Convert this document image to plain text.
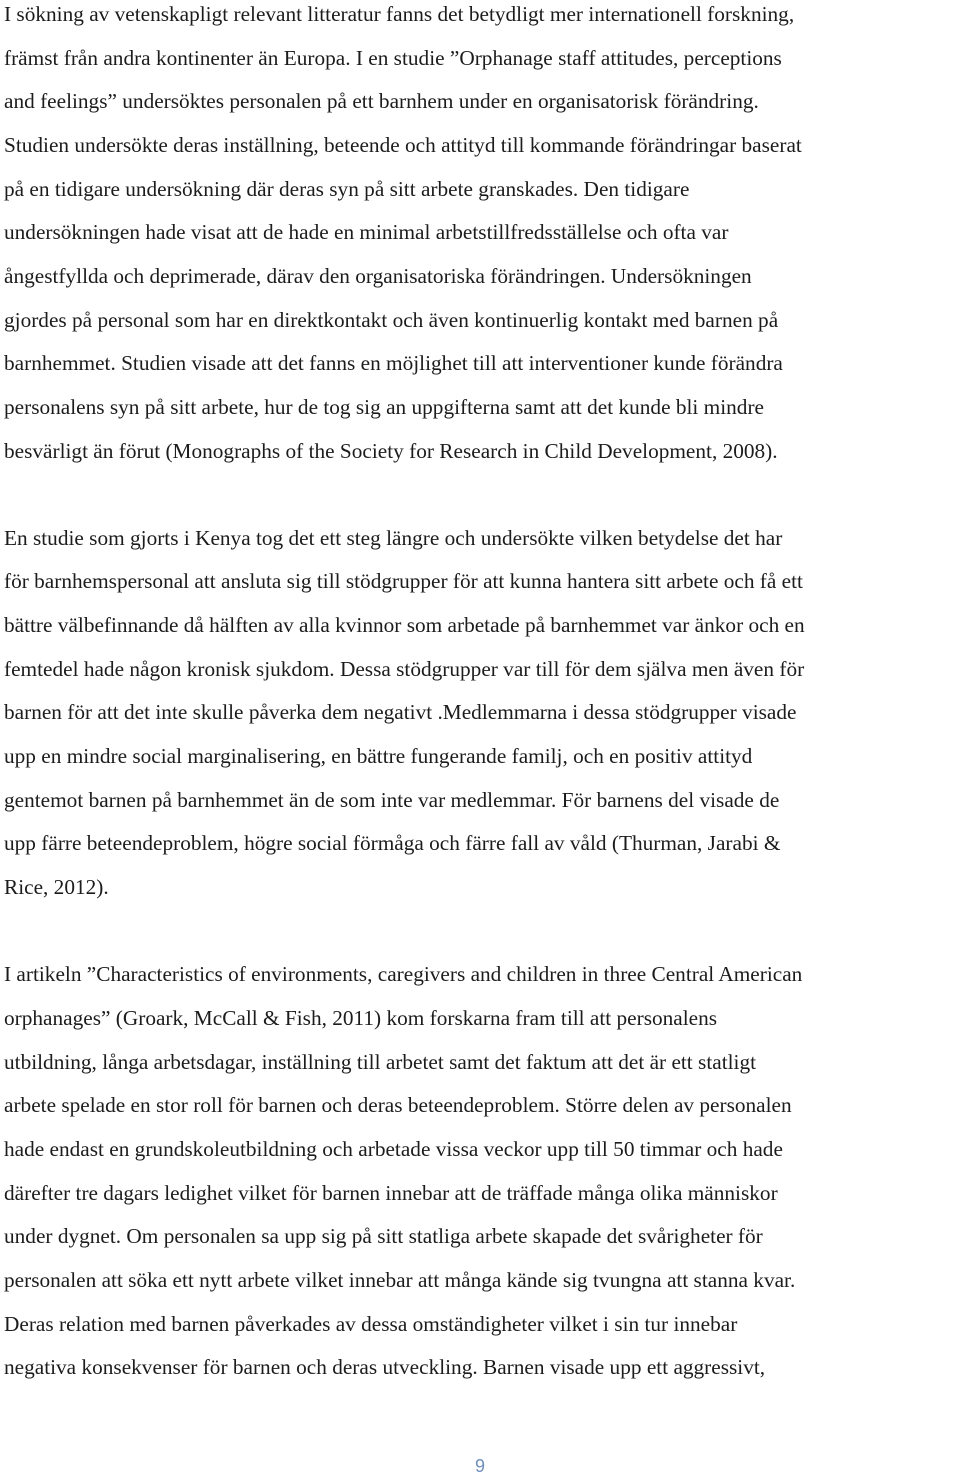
I sökning av vetenskapligt relevant litteratur fanns det betydligt mer internationell forskning,

främst från andra kontinenter än Europa. I en studie ”Orphanage staff attitudes, perceptions

and feelings” undersöktes personalen på ett barnhem under en organisatorisk förändring.

Studien undersökte deras inställning, beteende och attityd till kommande förändringar baserat

på en tidigare undersökning där deras syn på sitt arbete granskades. Den tidigare

undersökningen hade visat att de hade en minimal arbetstillfredsställelse och ofta var

ångestfyllda och deprimerade, därav den organisatoriska förändringen. Undersökningen

gjordes på personal som har en direktkontakt och även kontinuerlig kontakt med barnen på

barnhemmet. Studien visade att det fanns en möjlighet till att interventioner kunde förändra

personalens syn på sitt arbete, hur de tog sig an uppgifterna samt att det kunde bli mindre

besvärligt än förut (Monographs of the Society for Research in Child Development, 2008).

En studie som gjorts i Kenya tog det ett steg längre och undersökte vilken betydelse det har

för barnhemspersonal att ansluta sig till stödgrupper för att kunna hantera sitt arbete och få ett

bättre välbefinnande då hälften av alla kvinnor som arbetade på barnhemmet var änkor och en

femtedel hade någon kronisk sjukdom. Dessa stödgrupper var till för dem själva men även för

barnen för att det inte skulle påverka dem negativt .Medlemmarna i dessa stödgrupper visade

upp en mindre social marginalisering, en bättre fungerande familj, och en positiv attityd

gentemot barnen på barnhemmet än de som inte var medlemmar. För barnens del visade de

upp färre beteendeproblem, högre social förmåga och färre fall av våld (Thurman, Jarabi &

Rice, 2012).

I artikeln ”Characteristics of environments, caregivers and children in three Central American

orphanages” (Groark, McCall & Fish, 2011) kom forskarna fram till att personalens

utbildning, långa arbetsdagar, inställning till arbetet samt det faktum att det är ett statligt

arbete spelade en stor roll för barnen och deras beteendeproblem. Större delen av personalen

hade endast en grundskoleutbildning och arbetade vissa veckor upp till 50 timmar och hade

därefter tre dagars ledighet vilket för barnen innebar att de träffade många olika människor

under dygnet. Om personalen sa upp sig på sitt statliga arbete skapade det svårigheter för

personalen att söka ett nytt arbete vilket innebar att många kände sig tvungna att stanna kvar.

Deras relation med barnen påverkades av dessa omständigheter vilket i sin tur innebar

negativa konsekvenser för barnen och deras utveckling. Barnen visade upp ett aggressivt,

9
